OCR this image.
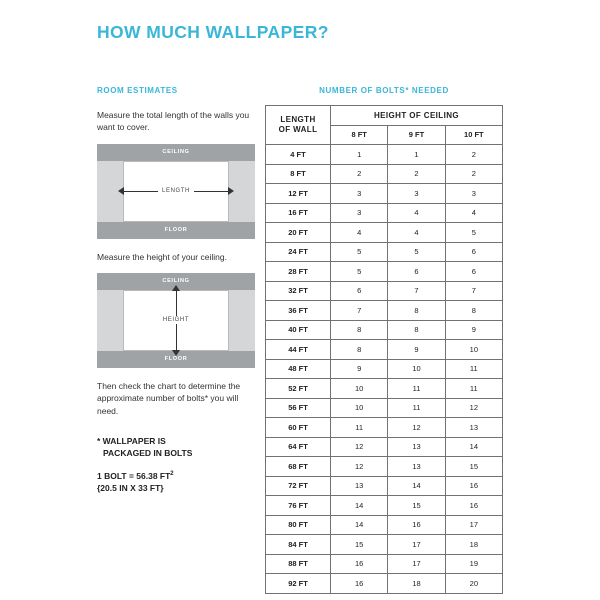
HOW MUCH WALLPAPER?
ROOM ESTIMATES

Measure the total length of the walls you want to cover.

CEILING
FLOOR
LENGTH

Measure the height of your ceiling.

CEILING
FLOOR
HEIGHT

Then check the chart to determine the approximate number of bolts* you will need.

* WALLPAPER IS
PACKAGED IN BOLTS
1 BOLT = 56.38 $FT^2$
{20.5 IN X 33 FT}
NUMBER OF BOLTS* NEEDED
LENGTH
OF WALL	HEIGHT OF CEILING		
	8 FT	9 FT	10 FT
4 FT	1	1	2
8 FT	2	2	2
12 FT	3	3	3
16 FT	3	4	4
20 FT	4	4	5
24 FT	5	5	6
28 FT	5	6	6
32 FT	6	7	7
36 FT	7	8	8
40 FT	8	8	9
44 FT	8	9	10
48 FT	9	10	11
52 FT	10	11	11
56 FT	10	11	12
60 FT	11	12	13
64 FT	12	13	14
68 FT	12	13	15
72 FT	13	14	16
76 FT	14	15	16
80 FT	14	16	17
84 FT	15	17	18
88 FT	16	17	19
92 FT	16	18	20
